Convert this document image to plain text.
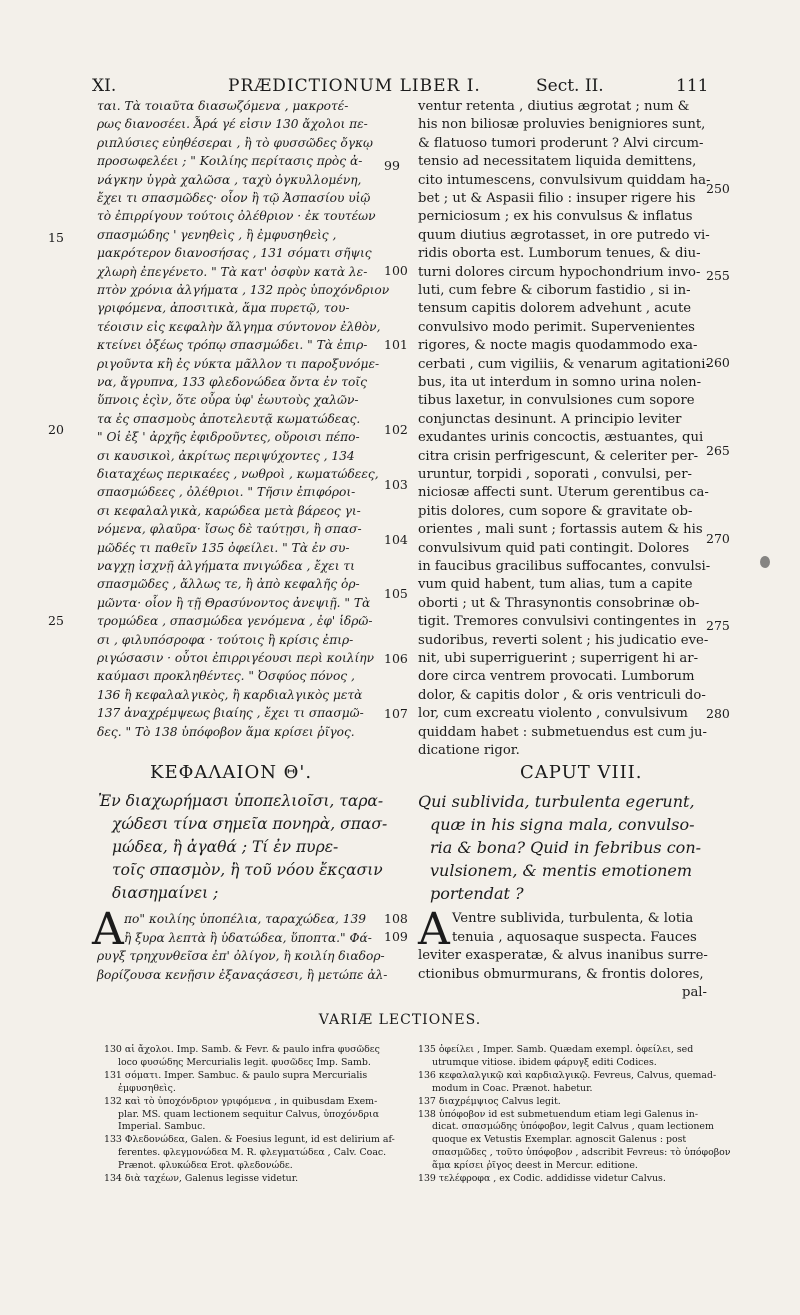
XI.	PRÆDICTIONUM LIBER I.	Sect. II.	111
ται. Τὰ τοιαῦτα διασωζόμενα , μακροτέ-
ρως διανοσέει. Ἆρά γέ εἰσιν 130 ἄχολοι πε-
ριπλύσιες εὐηθέσεραι , ἢ τὸ φυσσῶδες ὄγκῳ
προσωφελέει ; " Κοιλίης περίτασις πρὸς ἀ-
νάγκην ὑγρὰ χαλῶσα , ταχὺ ὀγκυλλομένη,
ἔχει τι σπασμῶδες· οἷον ἢ τῷ Ἀσπασίου υἱῷ
τὸ ἐπιρρίγουν τούτοις ὀλέθριον · ἐκ τουτέων
σπασμώδης ' γενηθεὶς , ἢ ἐμφυσηθεὶς ,
μακρότερον διανοσήσας , 131 σόματι σῆψις
χλωρὴ ἐπεγένετο. " Τὰ κατ' ὀσφὺν κατὰ λε-
πτὸν χρόνια ἀλγήματα , 132 πρὸς ὑποχόνδριον
γριφόμενα, ἀποσιτικὰ, ἅμα πυρετῷ, του-
τέοισιν εἰς κεφαλὴν ἄλγημα σύντονον ἐλθὸν,
κτείνει ὀξέως τρόπῳ σπασμώδει. " Τὰ ἐπιρ-
ριγοῦντα κἢ ἐς νύκτα μᾶλλον τι παροξυνόμε-
να, ἄγρυπνα, 133 φλεδονώδεα ὄντα ἐν τοῖς
ὕπνοις ἐςὶν, ὅτε οὖρα ὑφ' ἑωυτοὺς χαλῶν-
τα ἐς σπασμοὺς ἀποτελευτᾷ κωματώδεας.
" Οἱ ἐξ ' ἀρχῆς ἐφιδροῦντες, οὔροισι πέπο-
σι καυσικοὶ, ἀκρίτως περιψύχοντες , 134
διαταχέως περικαέες , νωθροὶ , κωματώδεες,
σπασμώδεες , ὀλέθριοι. " Τῆσιν ἐπιφόροι-
σι κεφαλαλγικὰ, καρώδεα μετὰ βάρεος γι-
νόμενα, φλαῦρα· ἴσως δὲ ταύτῃσι, ἢ σπασ-
μῶδές τι παθεῖν 135 ὀφείλει. " Τὰ ἐν συ-
ναγχῃ ἰσχνῇ ἀλγήματα πνιγώδεα , ἔχει τι
σπασμῶδες , ἄλλως τε, ἢ ἀπὸ κεφαλῆς ὁρ-
μῶντα· οἷον ἢ τῇ Θρασύνοντος ἀνεψιῇ. " Τὰ
τρομώδεα , σπασμώδεα γενόμενα , ἐφ' ἱδρῶ-
σι , φιλυπόσροφα · τούτοις ἢ κρίσις ἐπιρ-
ριγώσασιν · οὗτοι ἐπιρριγέουσι περὶ κοιλίην
καύμασι προκληθέντες. " Ὀσφύος πόνος ,
136 ἢ κεφαλαλγικὸς, ἢ καρδιαλγικὸς μετὰ
137 ἀναχρέμψεως βιαίης , ἔχει τι σπασμῶ-
δες. " Τὸ 138 ὑπόφοβον ἅμα κρίσει ῥῖγος.
15
20
25
99
100
101
102
103
104
105
106
107
ventur retenta , diutius ægrotat ; num &
his non biliosæ proluvies benigniores sunt,
& flatuoso tumori proderunt ? Alvi circum-
tensio ad necessitatem liquida demittens,
cito intumescens, convulsivum quiddam ha-
bet ; ut & Aspasii filio : insuper rigere his
perniciosum ; ex his convulsus & inflatus
quum diutius ægrotasset, in ore putredo vi-
ridis oborta est. Lumborum tenues, & diu-
turni dolores circum hypochondrium invo-
luti, cum febre & ciborum fastidio , si in-
tensum capitis dolorem advehunt , acute
convulsivo modo perimit. Supervenientes
rigores, & nocte magis quodammodo exa-
cerbati , cum vigiliis, & venarum agitationi-
bus, ita ut interdum in somno urina nolen-
tibus laxetur, in convulsiones cum sopore
conjunctas desinunt. A principio leviter
exudantes urinis concoctis, æstuantes, qui
citra crisin perfrigescunt, & celeriter per-
uruntur, torpidi , soporati , convulsi, per-
niciosæ affecti sunt. Uterum gerentibus ca-
pitis dolores, cum sopore & gravitate ob-
orientes , mali sunt ; fortassis autem & his
convulsivum quid pati contingit. Dolores
in faucibus gracilibus suffocantes, convulsi-
vum quid habent, tum alias, tum a capite
oborti ; ut & Thrasynontis consobrinæ ob-
tigit. Tremores convulsivi contingentes in
sudoribus, reverti solent ; his judicatio eve-
nit, ubi superriguerint ; superrigent hi ar-
dore circa ventrem provocati. Lumborum
dolor, & capitis dolor , & oris ventriculi do-
lor, cum excreatu violento , convulsivum
quiddam habet : submetuendus est cum ju-
dicatione rigor.
250
255
260
265
270
275
280
ΚΕΦΑΛΑΙΟΝ Θ'.
Ἐν διαχωρήμασι ὑποπελιοῖσι, ταρα-
χώδεσι τίνα σημεῖα πονηρὰ, σπασ-
μώδεα, ἢ ἀγαθά ; Τί ἐν πυρε-
τοῖς σπασμὸν, ἢ τοῦ νόου ἔκςασιν
διασημαίνει ;
CAPUT VIII.
Qui sublivida, turbulenta egerunt,
quæ in his signa mala, convulso-
ria & bona? Quid in febribus con-
vulsionem, & mentis emotionem
portendat ?
Α πο" κοιλίης ὑποπέλια, ταραχώδεα, 139
ἢ ξυρα λεπτὰ ἢ ὑδατώδεα, ὕποπτα." Φά-
ρυγξ τρηχυνθεῖσα ἐπ' ὀλίγον, ἢ κοιλίη διαδορ-
βορίζουσα κενῇσιν ἐξαναςάσεσι, ἢ μετώπε ἀλ-
108
109 A Ventre sublivida, turbulenta, & lotia
tenuia , aquosaque suspecta. Fauces
leviter exasperatæ, & alvus inanibus surre-
ctionibus obmurmurans, & frontis dolores,
pal-
VARIÆ LECTIONES.
130 αἱ ἄχολοι. Imp. Samb. & Fevr. & paulo infra φυσῶδες
loco φυσώδης Mercurialis legit. φυσῶδες Imp. Samb.
131 σόματι. Imper. Sambuc. & paulo supra Mercurialis
ἐμφυσηθεὶς.
132 καὶ τὸ ὑποχόνδριον γριφόμενα , in quibusdam Exem-
plar. MS. quam lectionem sequitur Calvus, ὑποχόνδρια
Imperial. Sambuc.
133 Φλεδονώδεα, Galen. & Foesius legunt, id est delirium af-
ferentes. φλεγμονώδεα M. R. φλεγματώδεα , Calv. Coac.
Prænot. φλυκώδεα Erot. φλεδονώδε.
134 διὰ ταχέων, Galenus legisse videtur.
135 ὀφείλει , Imper. Samb. Quædam exempl. ὀφείλει, sed
utrumque vitiose. ibidem φάρυγξ editi Codices.
136 κεφαλαλγικῷ καὶ καρδιαλγικῷ. Fevreus, Calvus, quemad-
modum in Coac. Prænot. habetur.
137 διαχρέμψιος Calvus legit.
138 ὑπόφοβον id est submetuendum etiam legi Galenus in-
dicat. σπασμώδης ὑπόφοβον, legit Calvus , quam lectionem
quoque ex Vetustis Exemplar. agnoscit Galenus : post
σπασμῶδες , τοῦτο ὑπόφοβον , adscribit Fevreus: τὸ ὑπόφοβον
ἅμα κρίσει ῥῖγος deest in Mercur. editione.
139 τελέφροφα , ex Codic. addidisse videtur Calvus.
